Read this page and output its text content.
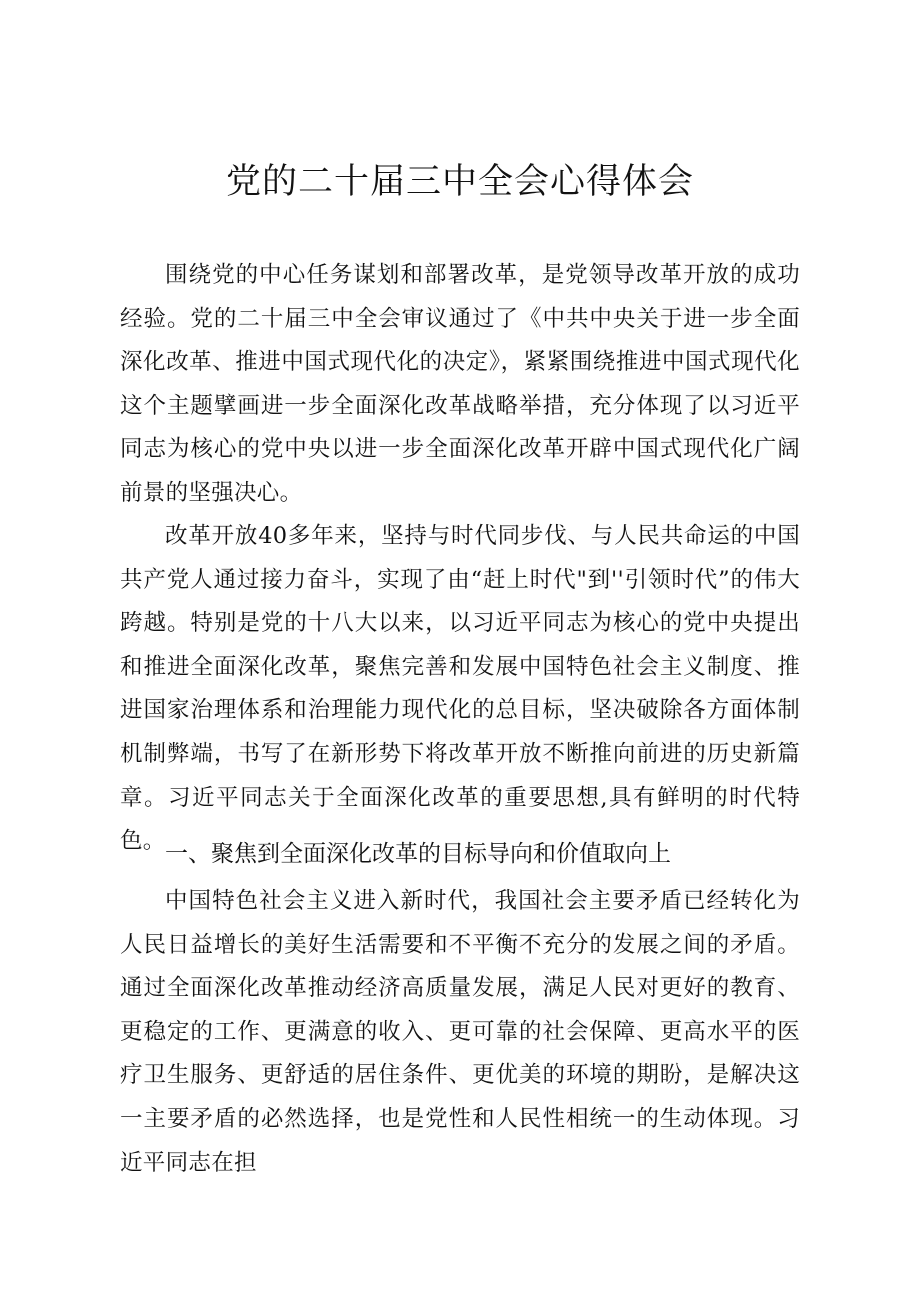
党的二十届三中全会心得体会

围绕党的中心任务谋划和部署改革，是党领导改革开放的成功经验。党的二十届三中全会审议通过了《中共中央关于进一步全面深化改革、推进中国式现代化的决定》，紧紧围绕推进中国式现代化这个主题擘画进一步全面深化改革战略举措，充分体现了以习近平同志为核心的党中央以进一步全面深化改革开辟中国式现代化广阔前景的坚强决心。

改革开放40多年来，坚持与时代同步伐、与人民共命运的中国共产党人通过接力奋斗，实现了由“赶上时代"到''引领时代”的伟大跨越。特别是党的十八大以来，以习近平同志为核心的党中央提出和推进全面深化改革，聚焦完善和发展中国特色社会主义制度、推进国家治理体系和治理能力现代化的总目标，坚决破除各方面体制机制弊端，书写了在新形势下将改革开放不断推向前进的历史新篇章。习近平同志关于全面深化改革的重要思想,具有鲜明的时代特色。 一、聚焦到全面深化改革的目标导向和价值取向上

中国特色社会主义进入新时代，我国社会主要矛盾已经转化为人民日益增长的美好生活需要和不平衡不充分的发展之间的矛盾。通过全面深化改革推动经济高质量发展，满足人民对更好的教育、更稳定的工作、更满意的收入、更可靠的社会保障、更高水平的医疗卫生服务、更舒适的居住条件、更优美的环境的期盼，是解决这一主要矛盾的必然选择，也是党性和人民性相统一的生动体现。习近平同志在担
